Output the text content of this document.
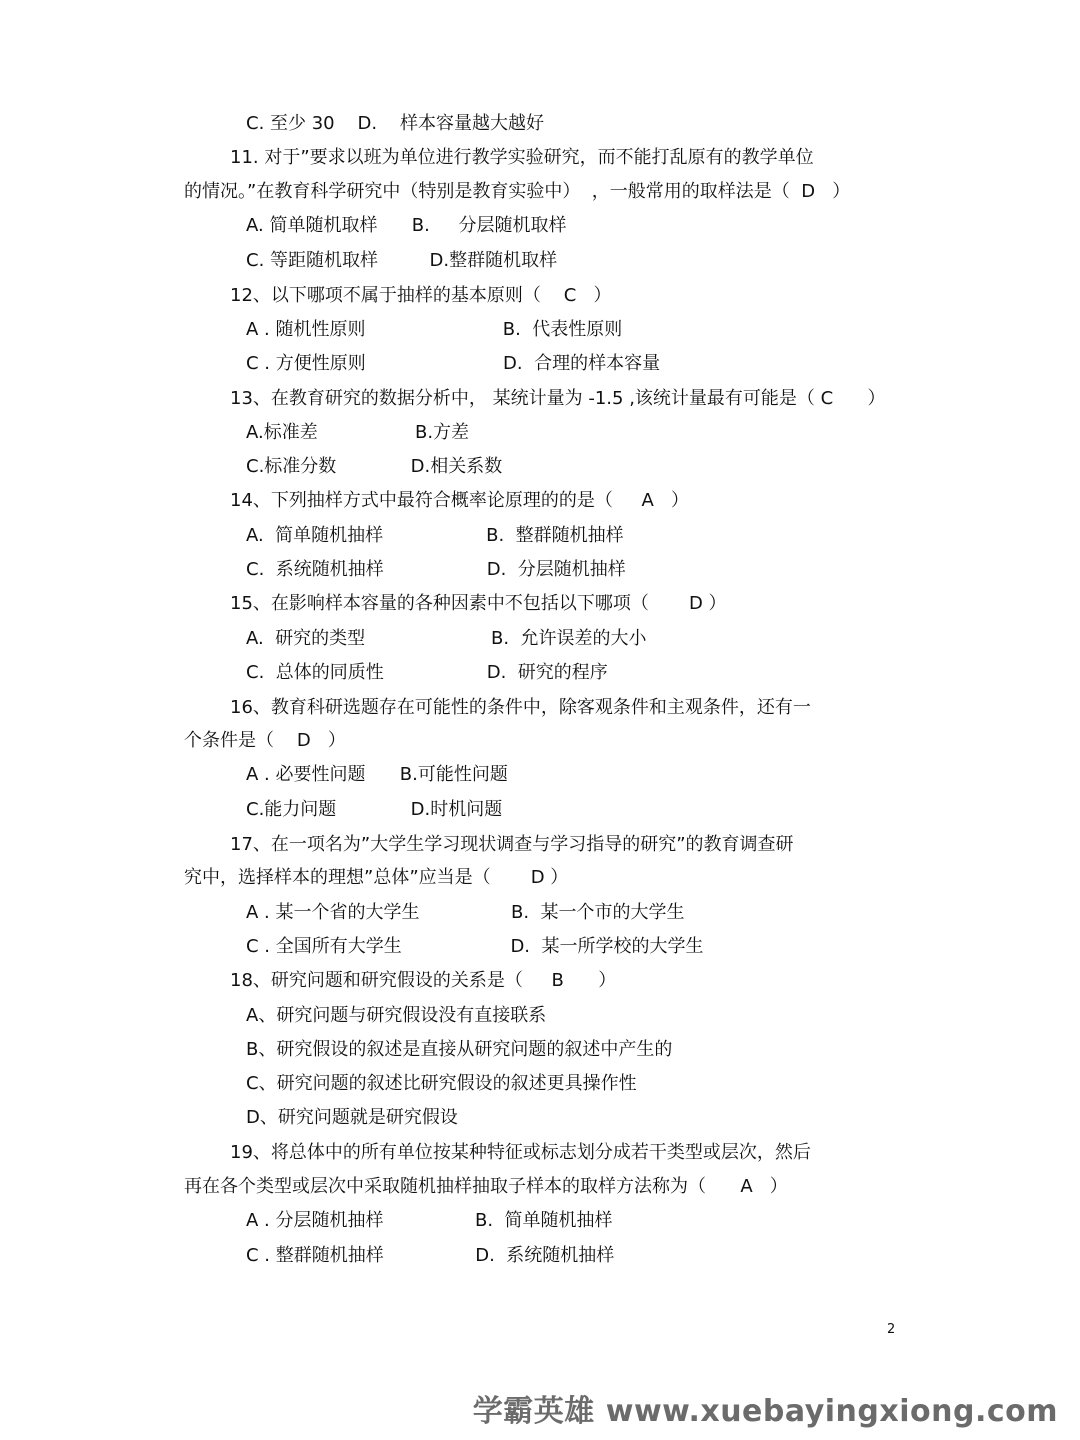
C. 至少 30    D.    样本容量越大越好

11. 对于”要求以班为单位进行教学实验研究，而不能打乱原有的教学单位

的情况。”在教育科学研究中（特别是教育实验中）  ，一般常用的取样法是（  D   ）

A. 简单随机取样      B.     分层随机取样

C. 等距随机取样         D.整群随机取样

12、以下哪项不属于抽样的基本原则（    C   ）

A . 随机性原则                        B.  代表性原则

C . 方便性原则                        D.  合理的样本容量

13、在教育研究的数据分析中， 某统计量为 -1.5 ,该统计量最有可能是（ C      ）

A.标准差                 B.方差

C.标准分数             D.相关系数

14、下列抽样方式中最符合概率论原理的的是（     A   ）

A.  简单随机抽样                  B.  整群随机抽样

C.  系统随机抽样                  D.  分层随机抽样

15、在影响样本容量的各种因素中不包括以下哪项（       D ）

A.  研究的类型                      B.  允许误差的大小

C.  总体的同质性                  D.  研究的程序

16、教育科研选题存在可能性的条件中，除客观条件和主观条件，还有一

个条件是（    D   ）

A . 必要性问题      B.可能性问题

C.能力问题             D.时机问题

17、在一项名为”大学生学习现状调查与学习指导的研究”的教育调查研

究中，选择样本的理想”总体”应当是（       D ）

A . 某一个省的大学生                B.  某一个市的大学生

C . 全国所有大学生                   D.  某一所学校的大学生

18、研究问题和研究假设的关系是（     B      ）

A、研究问题与研究假设没有直接联系

B、研究假设的叙述是直接从研究问题的叙述中产生的

C、研究问题的叙述比研究假设的叙述更具操作性

D、研究问题就是研究假设

19、将总体中的所有单位按某种特征或标志划分成若干类型或层次，然后

再在各个类型或层次中采取随机抽样抽取子样本的取样方法称为（      A   ）

A . 分层随机抽样                B.  简单随机抽样

C . 整群随机抽样                D.  系统随机抽样

2
学霸英雄 www.xuebayingxiong.com
